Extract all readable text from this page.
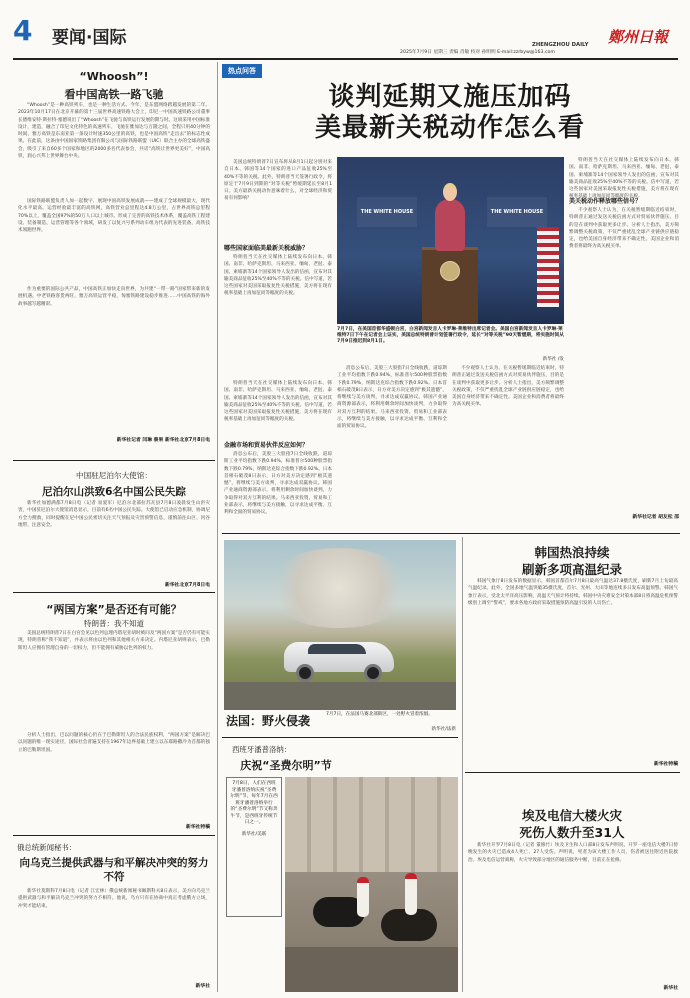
4 要闻·国际
2025年7月9日 星期三 责编 肖敏 校对 孙明明 E-mail:zzrbyw@163.com
ZHENGZHOU DAILY 鄭州日報
“Whoosh”!
看中国高铁一路飞驰
“Whoosh”是一种高铁列车，也是一种生活方式。今年，是东盟网络跨越发展的第二年。2023年10月17日在北京开幕的第十三届世界高速铁路大会上，印尼一中国高速铁路公司董事长德维安特·斯拉特·塞德说出了“Whoosh”在飞驰与高铁运行发展的期与时。这项采用中国标准设计，建造，融合了印尼文化特色的高速列车，飞驰在雅加达与万隆之间，全程只用40分钟的时间，雅万高铁是东南亚第一条设计时速350公里的高铁，也是中国高铁“走出去”的标志性成果。在此前，这条由中国国家铁路集团有限公司与国际铁路联盟（UIC）联合主办的全球高铁盛会，吸引了来自60多个国家和地区的2000多名代表参会，共话“高铁让世界更美好”，中国高铁，润心兴邦上世界舞台中央。
国际铁路联盟负责人加一起数字，展现中国高铁发展成就——建成了全球规模最大，现代化水平最高、运营经验最丰富的高铁网，高铁营业总里程达4.8万公里，占世界高铁总里程70%以上，覆盖全国97%的50万人口以上城市。形成了完善的高铁技术体系，覆盖高铁工程建设、装备制造、运营管理等各个领域，研发了以复兴号系列动车组为代表的先进装备，高铁技术领跑世界。
作为重要的国际公共产品，中国高铁正加快走向世界，为共建“一带一路”国家带来新的发展机遇。中老铁路客货两旺，雅万高铁运营平稳，匈塞铁路建设稳步推进……中国高铁的海外故事越写越精彩。
新华社记者 闫琳 蔡果 新华社北京7月8日电
中国驻尼泊尔大使馆：
尼泊尔山洪致6名中国公民失踪
新华社加德满都7月8日电（记者 易爱军）尼泊尔北部拉苏瓦县7月8日凌晨发生山洪灾害，中国驻尼泊尔大使馆消息显示，目前有6名中国公民失踪。大使馆已启动应急机制，协调尼方全力搜救，同时提醒在尼中国公民密切关注天气预报及灾害预警信息，谨慎前往山区、河谷地带，注意安全。
新华社北京7月8日电
“两国方案”是否还有可能？
特朗普：我不知道
美国总统特朗普7日在白宫会见以色列总理内塔尼亚胡时被问及“两国方案”是否仍有可能实现，特朗普称“我不知道”，并表示将由以色列和其他相关方来决定。内塔尼亚胡则表示，巴勒斯坦人应拥有管理自身的一切权力，但不能拥有威胁以色列的权力。
分析人士指出，巴以问题的核心仍在于巴勒斯坦人的合法民族权利，“两国方案”是解决巴以问题的唯一现实途径，国际社会普遍支持在1967年边界基础上建立以东耶路撒冷为首都的独立的巴勒斯坦国。
新华社特稿
俄总统新闻秘书：
向乌克兰提供武器与和平解决冲突的努力不符
新华社莫斯科7月8日电（记者 江宏林）俄总统新闻秘书佩斯科夫8日表示，美方向乌克兰提供武器与和平解决乌克兰冲突的努力不相符。他说，乌方只有在协商中真正考虑俄方立场，冲突才能结束。
新华社
热点问答
谈判延期又施压加码
美最新关税动作怎么看
美国总统特朗普7日宣布将从8月1日起分别对来自日本、韩国等14个国家的进口产品征收25%至40%不等的关税。此外，特朗普当天签署行政令，将原定于7月9日到期的“对等关税”暂缓期延长至8月1日。美方最新关税动作意味着什么，对全球经济和贸易有何影响？
哪些国家面临美最新关税威胁？
特朗普当天在社交媒体上陆续发布向日本、韩国、南非、哈萨克斯坦、马来西亚、缅甸、老挝、泰国、柬埔寨等14个国家领导人发出的信函，宣布对其输美商品征收25%至40%不等的关税。信中写道，若这些国家对美国采取报复性关税措施，美方将在现有税率基础上再加征同等幅度的关税。
THE WHITE HOUSE	THE WHITE HOUSE
7月7日，在美国首都华盛顿白宫，白宫新闻发言人卡罗琳·莱维特出席记者会。美国白宫新闻发言人卡罗琳·莱维特7日下午在记者会上证实，美国总统特朗普计划签署行政令，延长“对等关税”90天暂缓期，将实施时间从7月9日推迟到8月1日。
新华社 /发
特朗普当天在社交媒体上陆续发布向日本、韩国、南非、哈萨克斯坦、马来西亚、缅甸、老挝、泰国、柬埔寨等14个国家领导人发出的信函，宣布对其输美商品征收25%至40%不等的关税。信中写道，若这些国家对美国采取报复性关税措施，美方将在现有税率基础上再加征同等幅度的关税。
金融市场和贸易伙伴反应如何？
消息公布后，美股三大股指7日全线收跌，道琼斯工业平均指数下跌0.94%，标准普尔500种股票指数下跌0.79%，纳斯达克综合指数下跌0.92%。日本首相石破茂8日表示，日方对美方决定感到“极其遗憾”，将继续与美方谈判，寻求达成双赢协议。韩国产业通商资源部表示，将利用剩余时间加快谈判，力争取得对双方互利的结果。马来西亚投资、贸易和工业部表示，将继续与美方接触，以寻求达成平衡、互利和全面的贸易协议。
消息公布后，美股三大股指7日全线收跌，道琼斯工业平均指数下跌0.94%，标准普尔500种股票指数下跌0.79%，纳斯达克综合指数下跌0.92%。日本首相石破茂8日表示，日方对美方决定感到“极其遗憾”，将继续与美方谈判，寻求达成双赢协议。韩国产业通商资源部表示，将利用剩余时间加快谈判，力争取得对双方互利的结果。马来西亚投资、贸易和工业部表示，将继续与美方接触，以寻求达成平衡、互利和全面的贸易协议。
不少观察人士认为，在关税暂缓期临近结束时，特朗普正通过发送关税信函方式对贸易伙伴施压，目的是在谈判中获取更多让步。分析人士指出，美方频繁调整关税政策，不仅严重扰乱全球产业链供应链稳定，也给美国自身经济带来不确定性。美国企业和消费者将最终为高关税买单。
特朗普当天在社交媒体上陆续发布向日本、韩国、南非、哈萨克斯坦、马来西亚、缅甸、老挝、泰国、柬埔寨等14个国家领导人发出的信函，宣布对其输美商品征收25%至40%不等的关税。信中写道，若这些国家对美国采取报复性关税措施，美方将在现有税率基础上再加征同等幅度的关税。
美关税动作释放哪些信号？
不少观察人士认为，在关税暂缓期临近结束时，特朗普正通过发送关税信函方式对贸易伙伴施压，目的是在谈判中获取更多让步。分析人士指出，美方频繁调整关税政策，不仅严重扰乱全球产业链供应链稳定，也给美国自身经济带来不确定性。美国企业和消费者将最终为高关税买单。
新华社记者 胡友松 邵
法国：野火侵袭	7月7日，在法国马赛北部街区，一处野火冒着浓烟。
新华社/法新
西班牙潘普洛纳：
庆祝“圣费尔明”节
7月8日，人们在西班牙潘普洛纳庆祝“圣费尔明”节。每年7月在西班牙潘普洛纳举行的“圣费尔明”节又称奔牛节，是西班牙传统节日之一。
新华社/美联
韩国热浪持续
刷新多项高温纪录
韩国气象厅8日发布的数据显示，韩国首都首尔7月8日最高气温达37.8摄氏度，刷新7月上旬最高气温纪录。此外，全国多地气温突破35摄氏度，首尔、光州、大田等地连续多日发布高温预警。韩国气象厅表示，受北太平洋高压影响，高温天气预计将持续。韩国中央灾难安全对策本部8日将高温危机预警级别上调至“警戒”，要求各地方政府采取措施预防高温引发的人员伤亡。
新华社特稿
埃及电信大楼火灾
死伤人数升至31人
新华社开罗7月8日电（记者 董修竹）埃及卫生和人口部8日发布声明说，开罗一座电信大楼7日傍晚发生的火灾已造成4人死亡、27人受伤。声明说，死者为该大楼工作人员，伤者被送往附近医院救治。埃及电信运营商称，火灾导致部分地区的通信服务中断，目前正在抢修。
新华社
